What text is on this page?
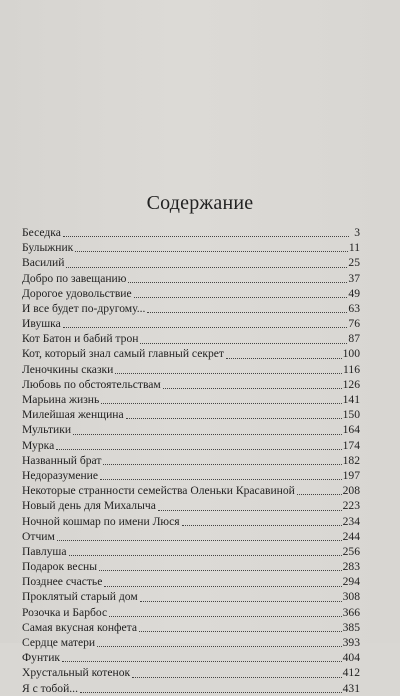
Содержание
Беседка	3
Булыжник	11
Василий	25
Добро по завещанию	37
Дорогое удовольствие	49
И все будет по-другому...	63
Ивушка	76
Кот Батон и бабий трон	87
Кот, который знал самый главный секрет	100
Леночкины сказки	116
Любовь по обстоятельствам	126
Марьина жизнь	141
Милейшая женщина	150
Мультики	164
Мурка	174
Названный брат	182
Недоразумение	197
Некоторые странности семейства Оленьки Красавиной	208
Новый день для Михалыча	223
Ночной кошмар по имени Люся	234
Отчим	244
Павлуша	256
Подарок весны	283
Позднее счастье	294
Проклятый старый дом	308
Розочка и Барбос	366
Самая вкусная конфета	385
Сердце матери	393
Фунтик	404
Хрустальный котенок	412
Я с тобой...	431
